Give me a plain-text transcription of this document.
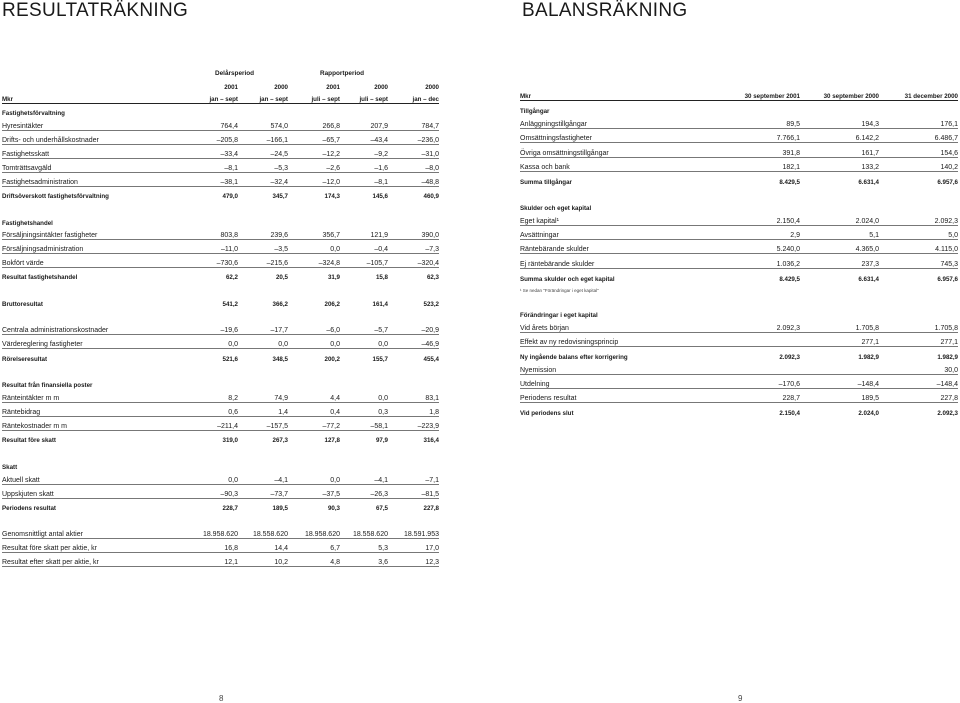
RESULTATRÄKNING	BALANSRÄKNING
Delårsperiod	Rapportperiod
	2001	2000	2001	2000	2000
Mkr	jan – sept	jan – sept	juli – sept	juli – sept	jan – dec
Fastighetsförvaltning					
Hyresintäkter	764,4	574,0	266,8	207,9	784,7
Drifts- och underhållskostnader	–205,8	–166,1	–65,7	–43,4	–236,0
Fastighetsskatt	–33,4	–24,5	–12,2	–9,2	–31,0
Tomträttsavgäld	–8,1	–5,3	–2,6	–1,6	–8,0
Fastighetsadministration	–38,1	–32,4	–12,0	–8,1	–48,8
Driftsöverskott fastighetsförvaltning	479,0	345,7	174,3	145,6	460,9

Fastighetshandel					
Försäljningsintäkter fastigheter	803,8	239,6	356,7	121,9	390,0
Försäljningsadministration	–11,0	–3,5	0,0	–0,4	–7,3
Bokfört värde	–730,6	–215,6	–324,8	–105,7	–320,4
Resultat fastighetshandel	62,2	20,5	31,9	15,8	62,3

Bruttoresultat	541,2	366,2	206,2	161,4	523,2

Centrala administrationskostnader	–19,6	–17,7	–6,0	–5,7	–20,9
Värdereglering fastigheter	0,0	0,0	0,0	0,0	–46,9
Rörelseresultat	521,6	348,5	200,2	155,7	455,4

Resultat från finansiella poster					
Ränteintäkter m m	8,2	74,9	4,4	0,0	83,1
Räntebidrag	0,6	1,4	0,4	0,3	1,8
Räntekostnader m m	–211,4	–157,5	–77,2	–58,1	–223,9
Resultat före skatt	319,0	267,3	127,8	97,9	316,4

Skatt					
Aktuell skatt	0,0	–4,1	0,0	–4,1	–7,1
Uppskjuten skatt	–90,3	–73,7	–37,5	–26,3	–81,5
Periodens resultat	228,7	189,5	90,3	67,5	227,8

Genomsnittligt antal aktier	18.958.620	18.558.620	18.958.620	18.558.620	18.591.953
Resultat före skatt per aktie, kr	16,8	14,4	6,7	5,3	17,0
Resultat efter skatt per aktie, kr	12,1	10,2	4,8	3,6	12,3
Mkr	30 september 2001	30 september 2000	31 december 2000
Tillgångar			
Anläggningstillgångar	89,5	194,3	176,1
Omsättningsfastigheter	7.766,1	6.142,2	6.486,7
Övriga omsättningstillgångar	391,8	161,7	154,6
Kassa och bank	182,1	133,2	140,2
Summa tillgångar	8.429,5	6.631,4	6.957,6

Skulder och eget kapital			
Eget kapital¹	2.150,4	2.024,0	2.092,3
Avsättningar	2,9	5,1	5,0
Räntebärande skulder	5.240,0	4.365,0	4.115,0
Ej räntebärande skulder	1.036,2	237,3	745,3
Summa skulder och eget kapital	8.429,5	6.631,4	6.957,6
¹ Se nedan "Förändringar i eget kapital"			

Förändringar i eget kapital			
Vid årets början	2.092,3	1.705,8	1.705,8
Effekt av ny redovisningsprincip		277,1	277,1
Ny ingående balans efter korrigering	2.092,3	1.982,9	1.982,9
Nyemission			30,0
Utdelning	–170,6	–148,4	–148,4
Periodens resultat	228,7	189,5	227,8
Vid periodens slut	2.150,4	2.024,0	2.092,3
8	9
